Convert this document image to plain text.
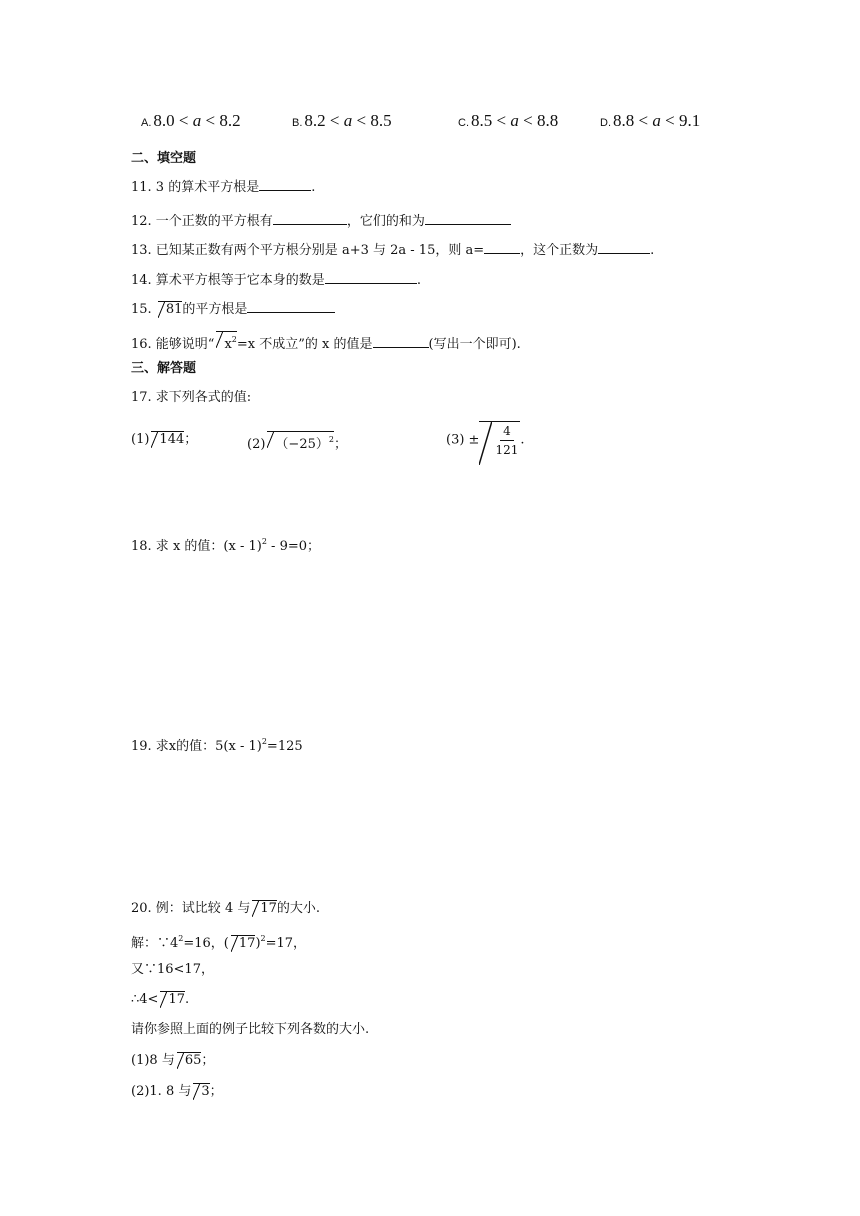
A. 8.0 < a < 8.2	B. 8.2 < a < 8.5	C. 8.5 < a < 8.8	D. 8.8 < a < 9.1
二、填空题
11. 3 的算术平方根是	.
12. 一个正数的平方根有	，它们的和为
13. 已知某正数有两个平方根分别是 a+3 与 2a - 15，则 a=	，这个正数为	.
14. 算术平方根等于它本身的数是	.
15. 81的平方根是
16. 能够说明“ $x^2=x$ 不成立”的 x 的值是	(写出一个即可).
三、解答题
17. 求下列各式的值:
(1) 144；	(2) $(-25)^2$；	$(3) \pm \frac{4}{121}$ .
18. 求 x 的值：(x - 1)$^2$ - 9=0；
19. 求x的值：5(x - 1)$^2$=125
20. 例：试比较 4 与 17的大小.
解：$\because 4^2=16$，( 17)$^2$=17，
又∵16<17，
∴4< 17.
请你参照上面的例子比较下列各数的大小.
(1)8 与 65；
(2)1. 8 与 3；
